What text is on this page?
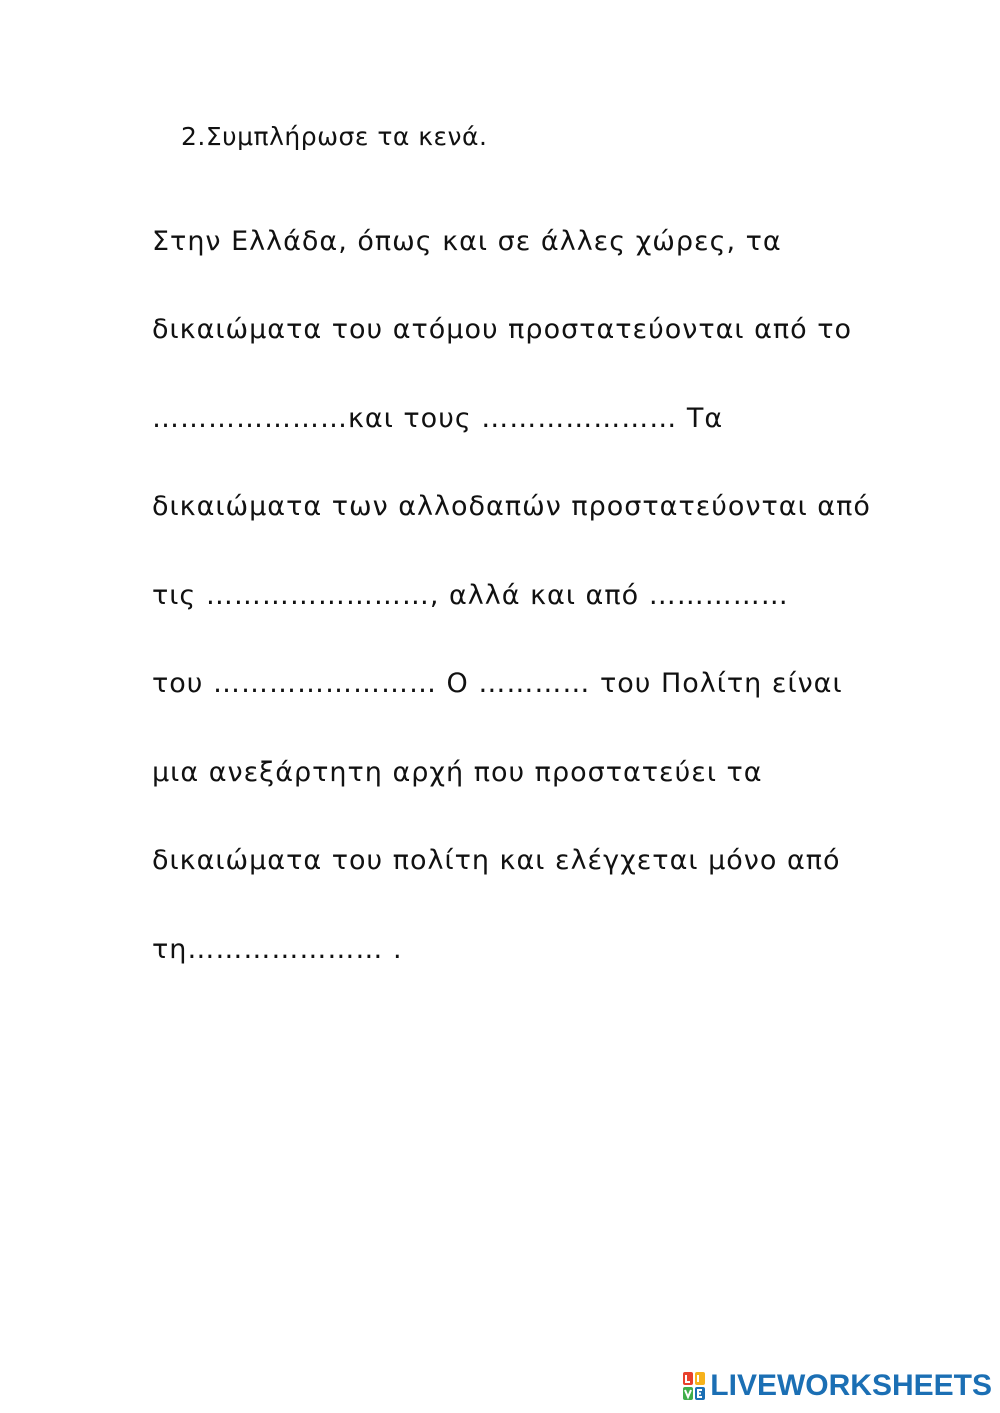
2.Συμπλήρωσε τα κενά.
Στην Ελλάδα, όπως και σε άλλες χώρες, τα
δικαιώματα του ατόμου προστατεύονται από το
…………………και τους ………………… Τα
δικαιώματα των αλλοδαπών προστατεύονται από
τις ……………………, αλλά και από ……………
του …………………… Ο ………… του Πολίτη είναι
μια ανεξάρτητη αρχή που προστατεύει τα
δικαιώματα του πολίτη και ελέγχεται μόνο από
τη………………… .
LIVEWORKSHEETS
